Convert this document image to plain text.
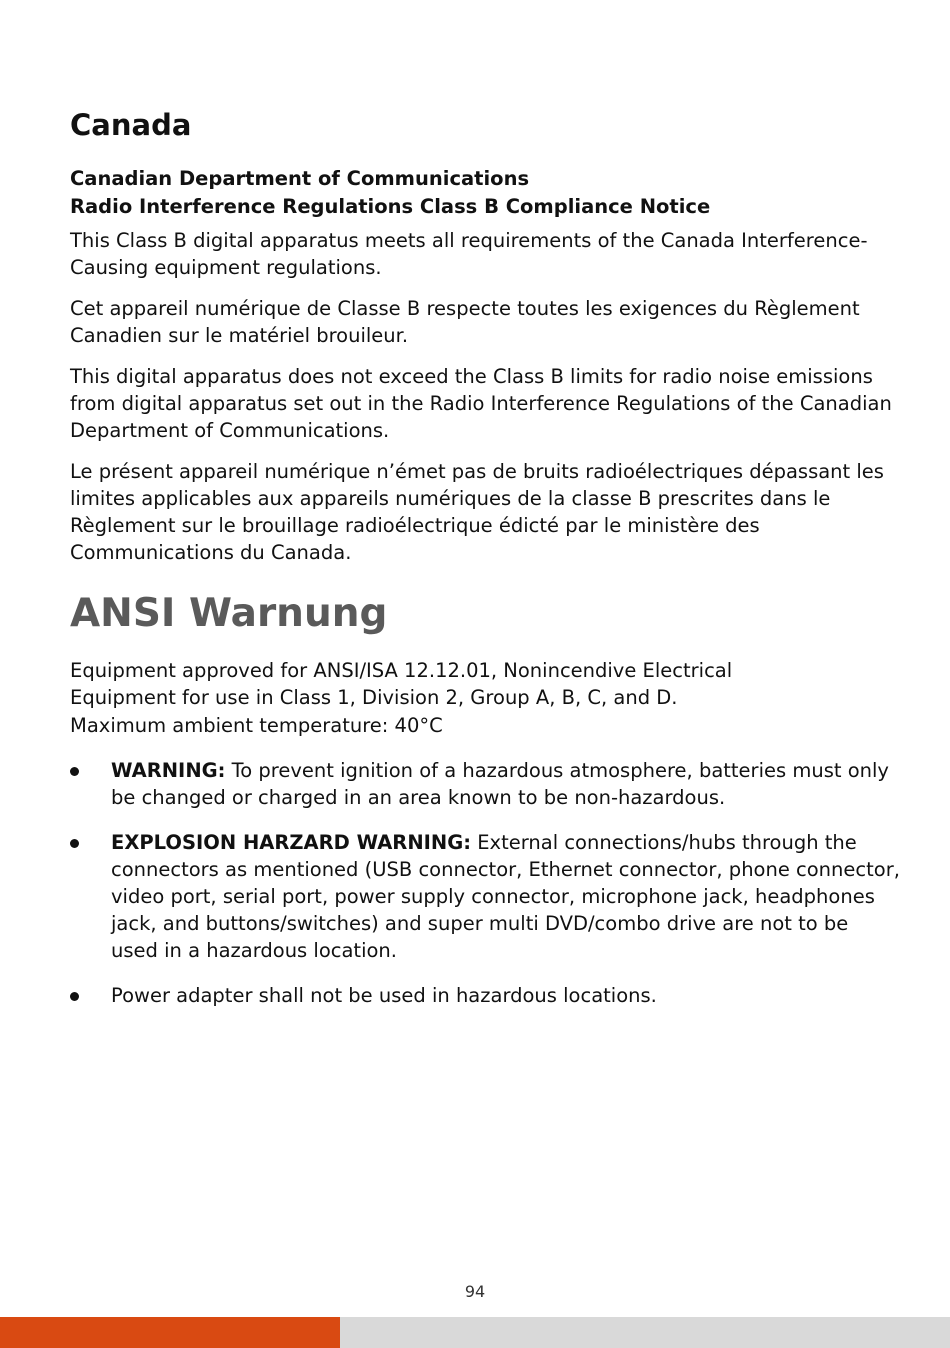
Canada
Canadian Department of Communications
Radio Interference Regulations Class B Compliance Notice

This Class B digital apparatus meets all requirements of the Canada Interference-Causing equipment regulations.

Cet appareil numérique de Classe B respecte toutes les exigences du Règlement Canadien sur le matériel brouileur.

This digital apparatus does not exceed the Class B limits for radio noise emissions from digital apparatus set out in the Radio Interference Regulations of the Canadian Department of Communications.

Le présent appareil numérique n’émet pas de bruits radioélectriques dépassant les limites applicables aux appareils numériques de la classe B prescrites dans le Règlement sur le brouillage radioélectrique édicté par le ministère des Communications du Canada.

ANSI Warnung
Equipment approved for ANSI/ISA 12.12.01, Nonincendive Electrical
Equipment for use in Class 1, Division 2, Group A, B, C, and D.
Maximum ambient temperature: 40°C
WARNING: To prevent ignition of a hazardous atmosphere, batteries must only be changed or charged in an area known to be non-hazardous.
EXPLOSION HARZARD WARNING: External connections/hubs through the connectors as mentioned (USB connector, Ethernet connector, phone connector, video port, serial port, power supply connector, microphone jack, headphones jack, and buttons/switches) and super multi DVD/combo drive are not to be used in a hazardous location.
Power adapter shall not be used in hazardous locations.
94
